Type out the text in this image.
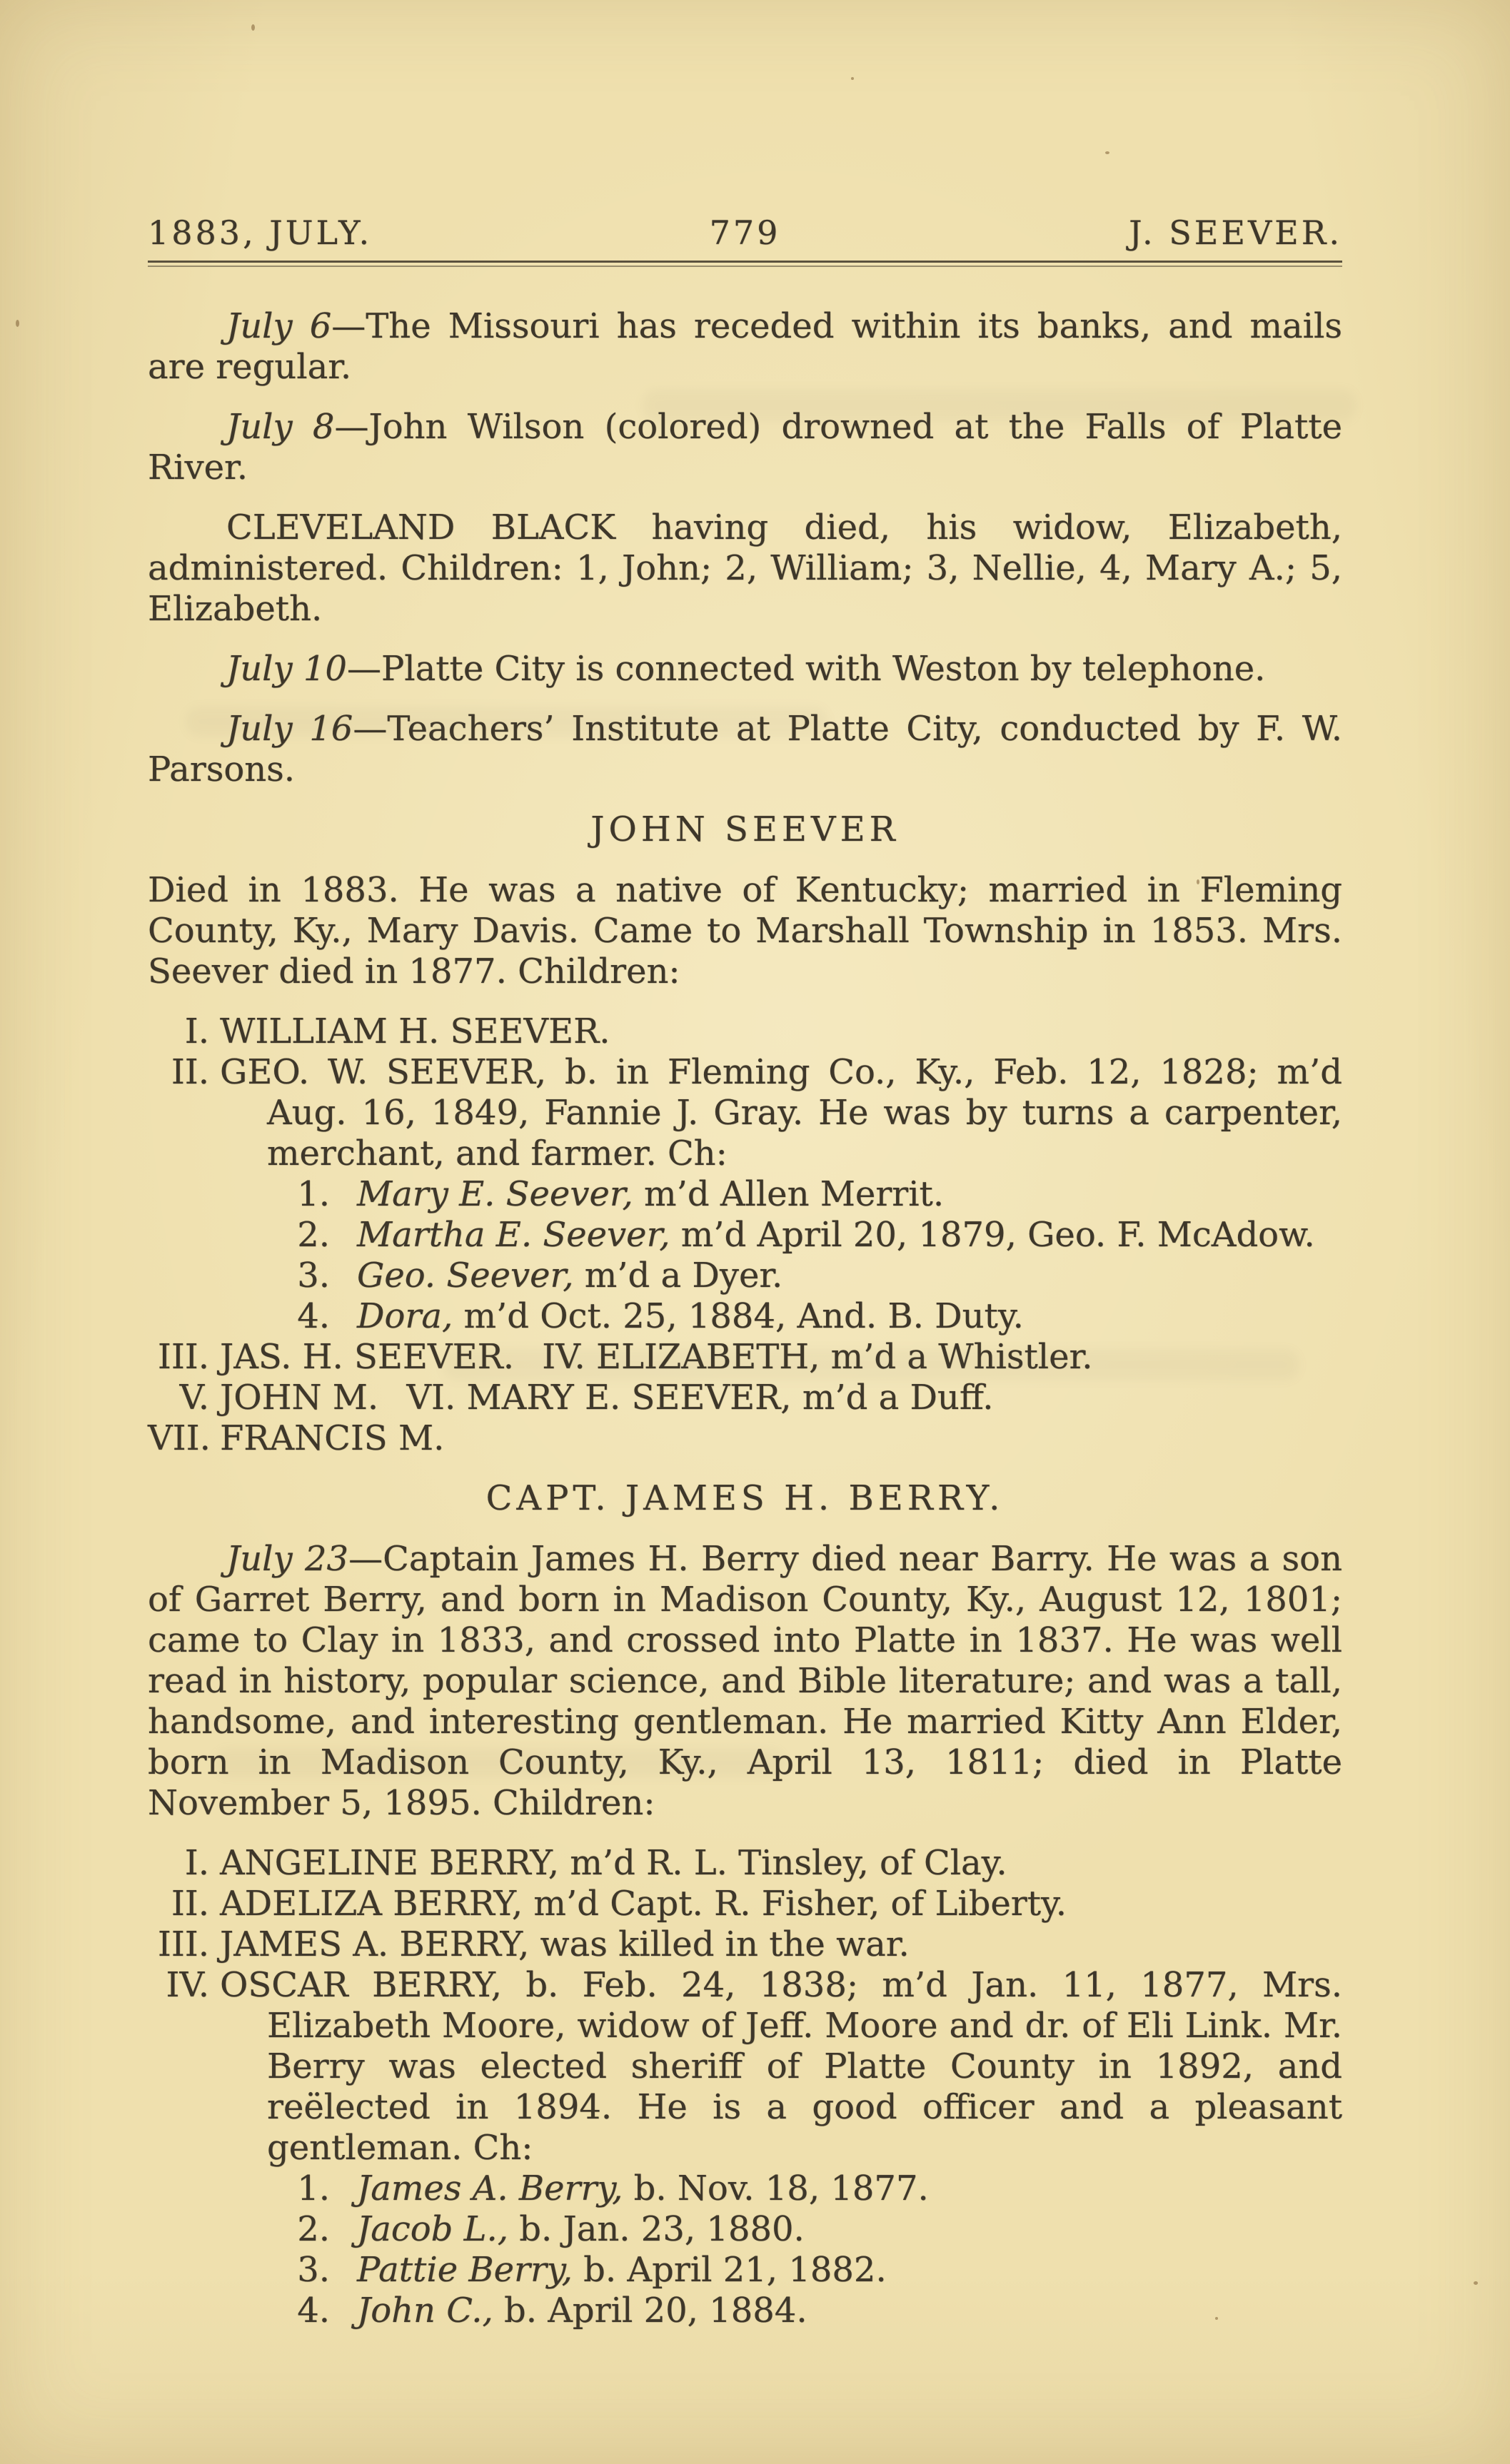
1883, JULY.	779	J. SEEVER.

July 6—The Missouri has receded within its banks, and mails are regular.

July 8—John Wilson (colored) drowned at the Falls of Platte River.

CLEVELAND BLACK having died, his widow, Elizabeth, administered. Children: 1, John; 2, William; 3, Nellie, 4, Mary A.; 5, Elizabeth.

July 10—Platte City is connected with Weston by telephone.

July 16—Teachers’ Institute at Platte City, conducted by F. W. Parsons.

JOHN SEEVER

Died in 1883. He was a native of Kentucky; married in Fleming County, Ky., Mary Davis. Came to Marshall Township in 1853. Mrs. Seever died in 1877. Children:

I. WILLIAM H. SEEVER.
II. GEO. W. SEEVER, b. in Fleming Co., Ky., Feb. 12, 1828; m’d Aug. 16, 1849, Fannie J. Gray. He was by turns a carpenter, merchant, and farmer. Ch:
1. Mary E. Seever, m’d Allen Merrit.
2. Martha E. Seever, m’d April 20, 1879, Geo. F. McAdow.
3. Geo. Seever, m’d a Dyer.
4. Dora, m’d Oct. 25, 1884, And. B. Duty.
III. JAS. H. SEEVER.  IV. ELIZABETH, m’d a Whistler.
V. JOHN M.  VI. MARY E. SEEVER, m’d a Duff.
VII. FRANCIS M.
CAPT. JAMES H. BERRY.

July 23—Captain James H. Berry died near Barry. He was a son of Garret Berry, and born in Madison County, Ky., August 12, 1801; came to Clay in 1833, and crossed into Platte in 1837. He was well read in history, popular science, and Bible literature; and was a tall, handsome, and interesting gentleman. He married Kitty Ann Elder, born in Madison County, Ky., April 13, 1811; died in Platte November 5, 1895. Children:

I. ANGELINE BERRY, m’d R. L. Tinsley, of Clay.
II. ADELIZA BERRY, m’d Capt. R. Fisher, of Liberty.
III. JAMES A. BERRY, was killed in the war.
IV. OSCAR BERRY, b. Feb. 24, 1838; m’d Jan. 11, 1877, Mrs. Elizabeth Moore, widow of Jeff. Moore and dr. of Eli Link. Mr. Berry was elected sheriff of Platte County in 1892, and reëlected in 1894. He is a good officer and a pleasant gentleman. Ch:
1. James A. Berry, b. Nov. 18, 1877.
2. Jacob L., b. Jan. 23, 1880.
3. Pattie Berry, b. April 21, 1882.
4. John C., b. April 20, 1884.
